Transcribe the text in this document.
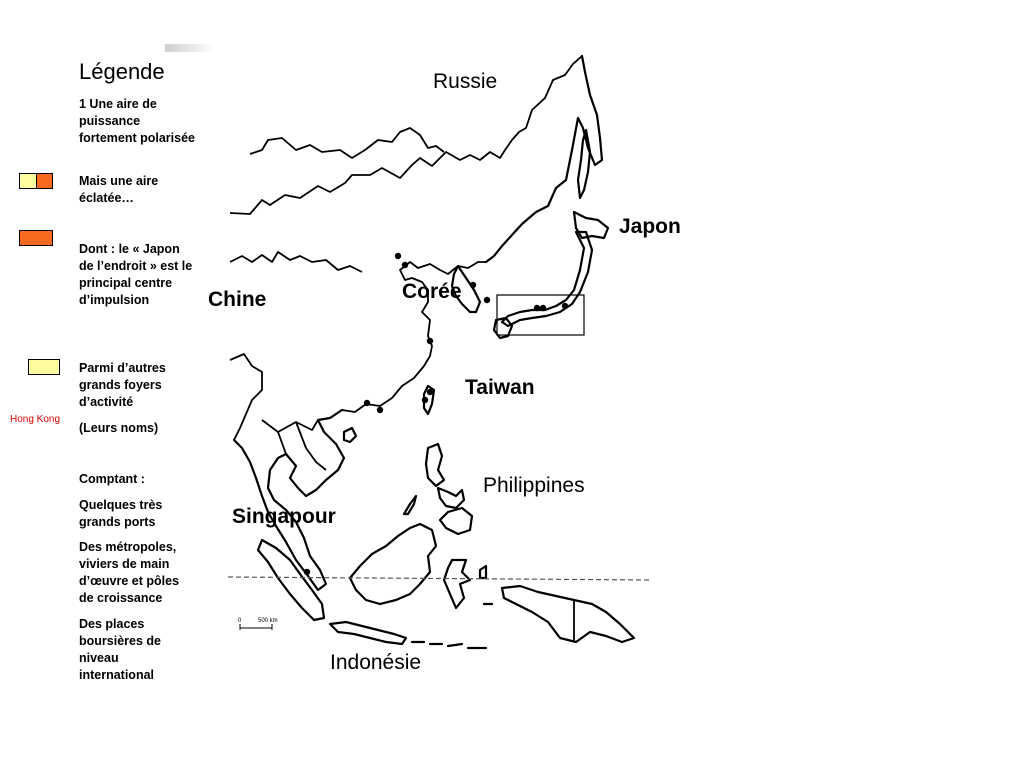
0	500 km
Russie
Japon
Corée
Chine
Taiwan
Philippines
Singapour
Indonésie
Légende
1 Une aire de puissance fortement polarisée
Mais une aire éclatée…
Dont : le « Japon de l’endroit » est le principal centre d’impulsion
Parmi d’autres grands foyers d’activité
Hong Kong
(Leurs noms)
Comptant :
Quelques très grands ports
Des métropoles, viviers de main d’œuvre et pôles de croissance
Des places boursières de niveau international
